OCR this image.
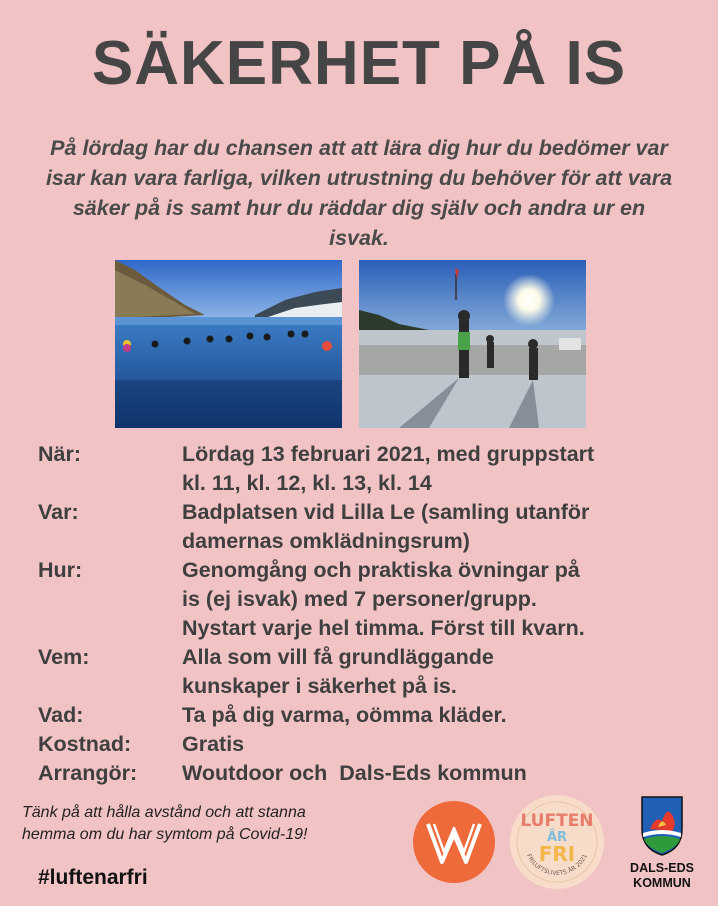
SÄKERHET PÅ IS
På lördag har du chansen att att lära dig hur du bedömer var isar kan vara farliga, vilken utrustning du behöver för att vara säker på is samt hur du räddar dig själv och andra ur en isvak.
När:	Lördag 13 februari 2021, med gruppstart
kl. 11, kl. 12, kl. 13, kl. 14
Var:	Badplatsen vid Lilla Le (samling utanför
damernas omklädningsrum)
Hur:	Genomgång och praktiska övningar på
is (ej isvak) med 7 personer/grupp.
Nystart varje hel timma. Först till kvarn.
Vem:	Alla som vill få grundläggande
kunskaper i säkerhet på is.
Vad:	Ta på dig varma, oömma kläder.
Kostnad:	Gratis
Arrangör:	Woutdoor och  Dals-Eds kommun
Tänk på att hålla avstånd och att stanna
hemma om du har symtom på Covid-19!
#luftenarfri
LUFTEN
ÄR
FRI
FRILUFTSLIVETS ÅR 2021
DALS-EDS
KOMMUN
